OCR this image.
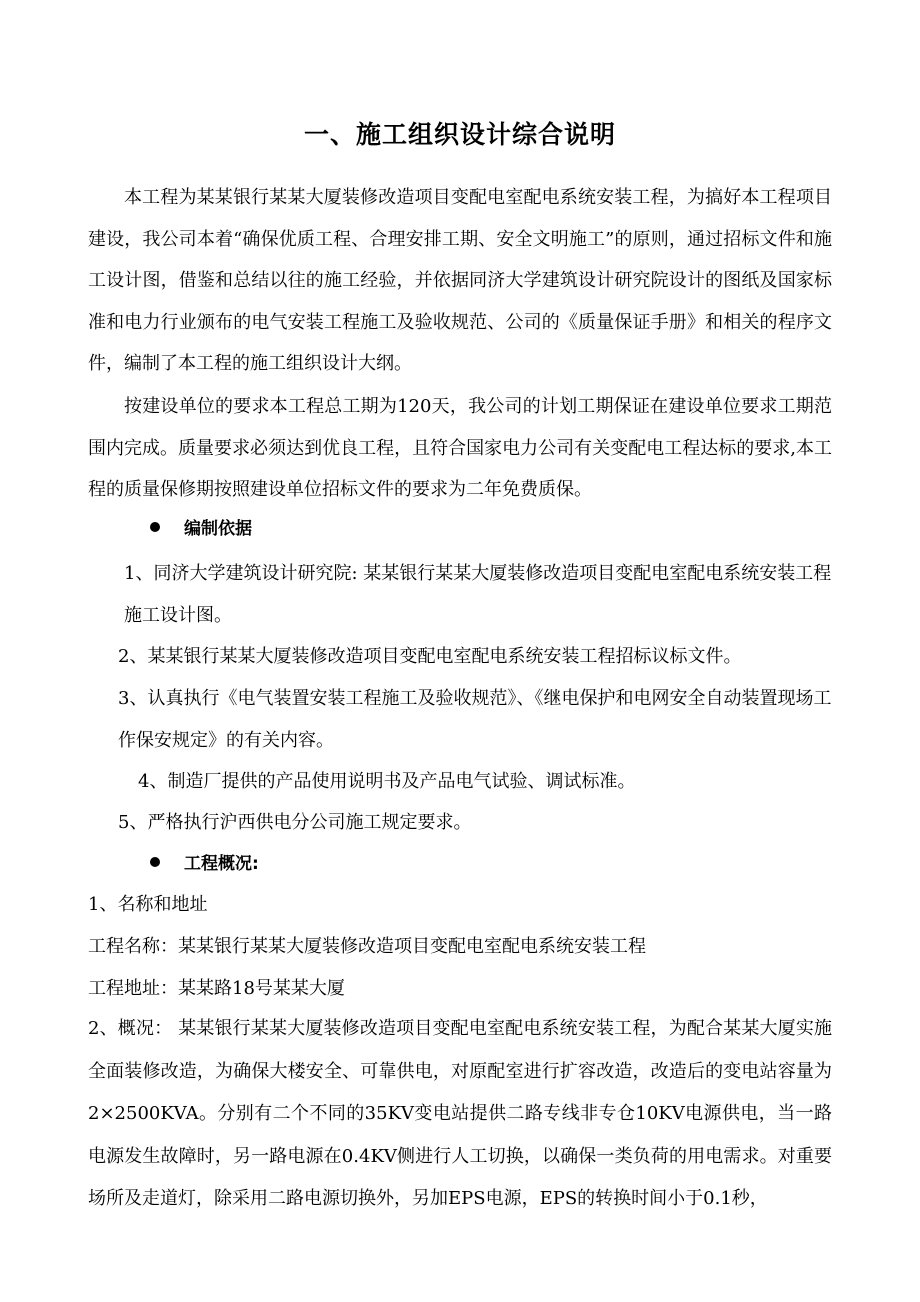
一、施工组织设计综合说明

本工程为某某银行某某大厦装修改造项目变配电室配电系统安装工程，为搞好本工程项目建设，我公司本着“确保优质工程、合理安排工期、安全文明施工”的原则，通过招标文件和施工设计图，借鉴和总结以往的施工经验，并依据同济大学建筑设计研究院设计的图纸及国家标准和电力行业颁布的电气安装工程施工及验收规范、公司的《质量保证手册》和相关的程序文件，编制了本工程的施工组织设计大纲。

按建设单位的要求本工程总工期为120天，我公司的计划工期保证在建设单位要求工期范围内完成。质量要求必须达到优良工程，且符合国家电力公司有关变配电工程达标的要求,本工程的质量保修期按照建设单位招标文件的要求为二年免费质保。

编制依据

1、同济大学建筑设计研究院: 某某银行某某大厦装修改造项目变配电室配电系统安装工程施工设计图。

2、某某银行某某大厦装修改造项目变配电室配电系统安装工程招标议标文件。

3、认真执行《电气装置安装工程施工及验收规范》、《继电保护和电网安全自动装置现场工作保安规定》的有关内容。

4、制造厂提供的产品使用说明书及产品电气试验、调试标准。

5、严格执行沪西供电分公司施工规定要求。

工程概况:

1、名称和地址

工程名称：某某银行某某大厦装修改造项目变配电室配电系统安装工程

工程地址：某某路18号某某大厦

2、概况： 某某银行某某大厦装修改造项目变配电室配电系统安装工程，为配合某某大厦实施全面装修改造，为确保大楼安全、可靠供电，对原配室进行扩容改造，改造后的变电站容量为2×2500KVA。分别有二个不同的35KV变电站提供二路专线非专仓10KV电源供电，当一路电源发生故障时，另一路电源在0.4KV侧进行人工切换，以确保一类负荷的用电需求。对重要场所及走道灯，除采用二路电源切换外，另加EPS电源，EPS的转换时间小于0.1秒，
